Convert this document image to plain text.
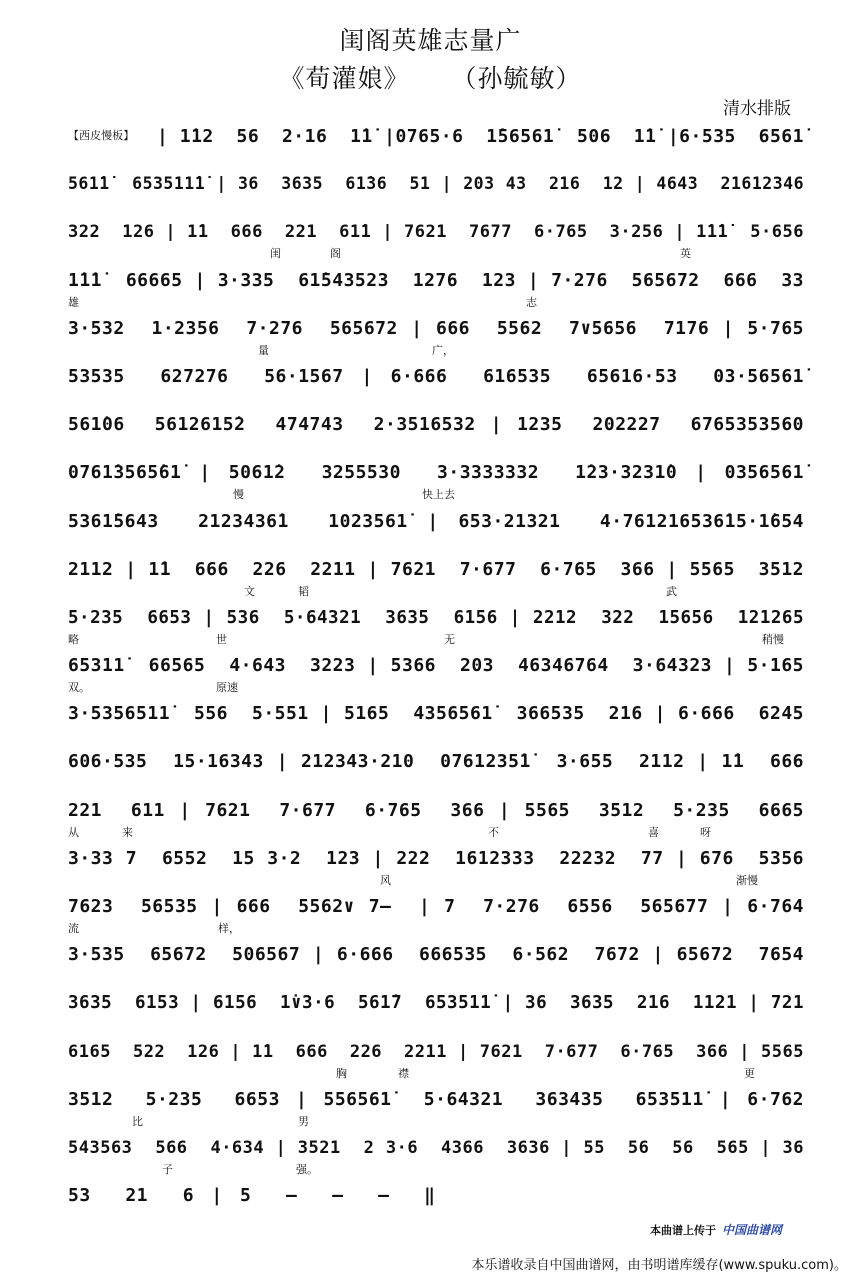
闺阁英雄志量广
《荀灌娘》 （孙毓敏）
清水排版
【西皮慢板】 | 1̇12  56  2·16  1̇1̇ |0765·6  1̇56561̇  506  1̇1̇ |6·535  6561̇
561̇1̇  653511̇1̇ | 36  3635  61̇36  51 | 203 43  216  12 | 4643  21612346
322  126 | 1̇1  666  221  61̇1 | 7621  7677  6·765  3·256 | 1̇1̇1̇  5·656
闺	阁	英
1̇1̇1̇  66665 | 3·335  61̇543523  1276  123 | 7·276  565672  666  33
雄	志
3·532  1·2356  7·276  565672 | 666  5562  7∨5656  7176 | 5·765
量	广，
53535  627276  56·1567 | 6·666  616535  65616·53  03·56561̇
561̇06  5612615̇2  474743  2·3516532 | 1235  202227  6765353560
0761̇3565̇61̇ | 5061̇2  3255530  3·3333332  1̇23·3231̇0 | 0356561̇
慢	快上去
5361̇5643  2123436̇1  1023561̇ | 653·21321  4·761216536̇15·1̇654
2112 | 1̇1  666  226  2211 | 7621  7·677  6·765  366 | 5565  3512
文	韬	武
5·235  6653 | 536  5·64321  3635  6156 | 2212  322  15656  121265
略	世	无	稍慢
65311̇  66565  4·643  3223 | 5366  203  46346764  3·64323 | 5·165
双。	原速
3·5356511̇  556  5·551 | 5165  4356561̇  366535  216 | 6·666  6245
606·535  15·16343 | 212343·210  0761235̇1̇  3·655  2112 | 1̇1  666
221  611 | 7621  7·677  6·765  366 | 5565  3512  5·235  6665
从	来	不	喜	呀
3·33 7  6552  15 3·2  123 | 222  1612333  22232  77 | 676  5356
风	渐慢
7623  56535 | 666  5562∨ 7—  | 7  7·276  6556  565677 | 6·764
流	样，
3·535  65672  506567 | 6·666  666535  6·562  7672 | 65672  7654
3635  6153 | 6156  1̇∨3·6  561̇7  653511̇ | 36  3635  216  1121 | 721
6165  522  126 | 1̇1  666  226  2211 | 7621  7·677  6·765  366 | 5565
胸	襟	更
3512  5·235  6653 | 556561̇  5·64321  363435  653511̇ | 6·762
比	男
543563  566  4·634 | 3521  2 3·6  4366  3636 | 55  56  56  565 | 36
子	强。
53  21  6 | 5  —  —  —  ‖
本曲谱上传于 中国曲谱网
本乐谱收录自中国曲谱网，由书明谱库缓存(www.spuku.com)。
